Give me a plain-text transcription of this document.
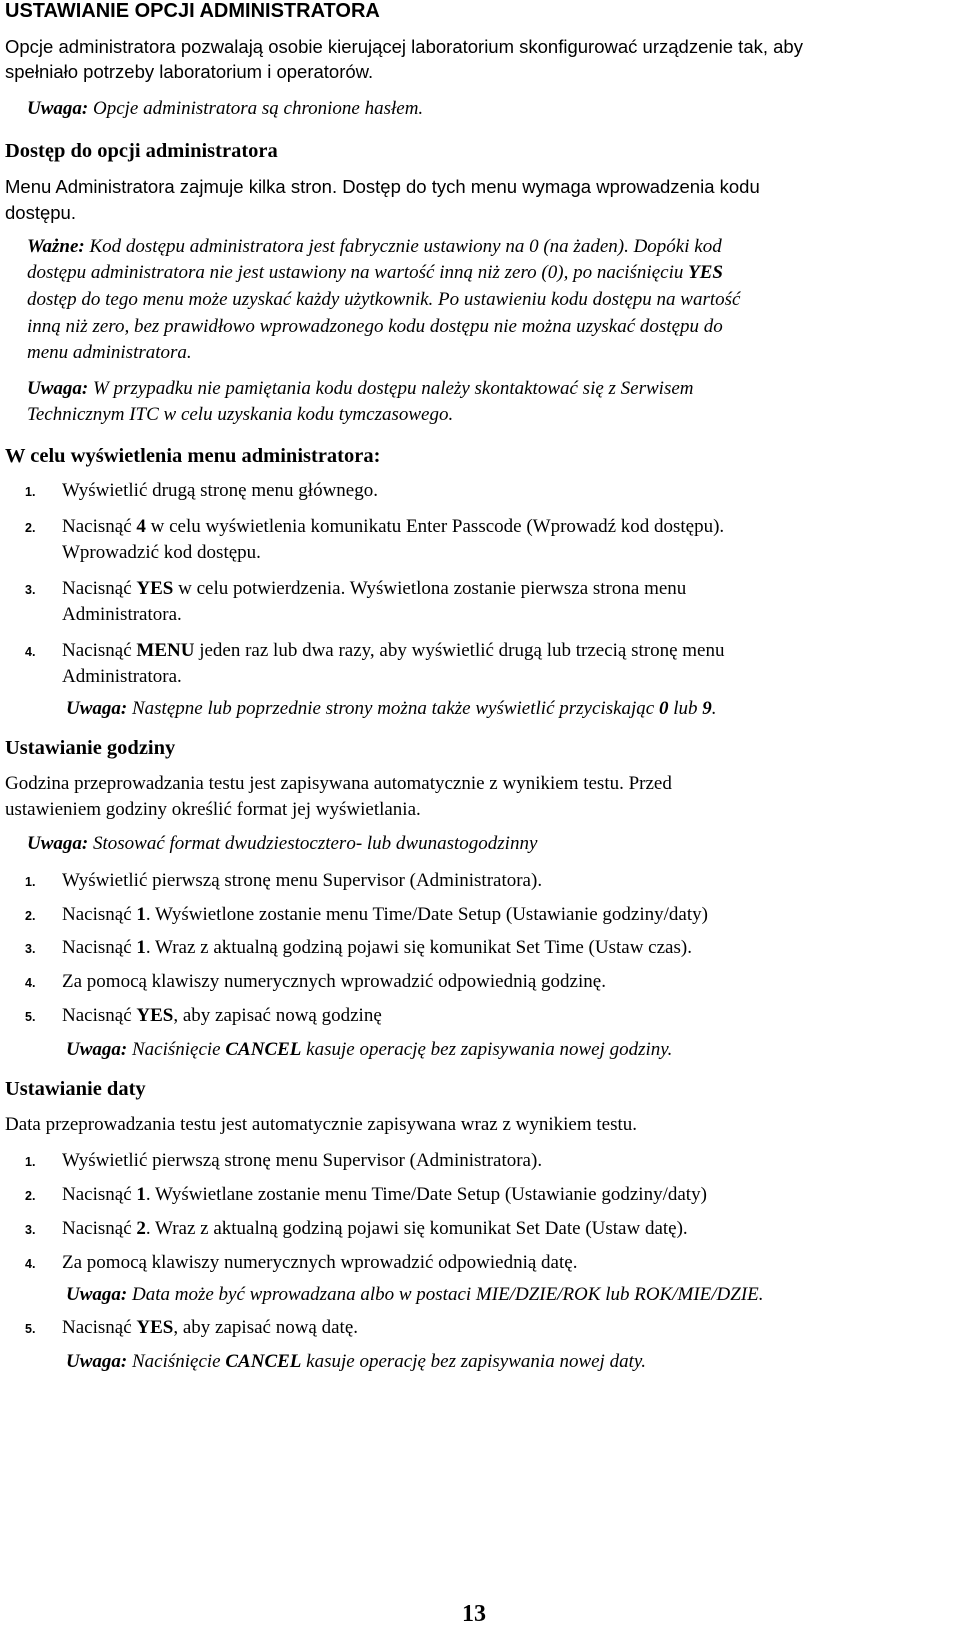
USTAWIANIE OPCJI ADMINISTRATORA
Opcje administratora pozwalają osobie kierującej laboratorium skonfigurować urządzenie tak, aby
spełniało potrzeby laboratorium i operatorów.
Uwaga: Opcje administratora są chronione hasłem.
Dostęp do opcji administratora
Menu Administratora zajmuje kilka stron. Dostęp do tych menu wymaga wprowadzenia kodu
dostępu.
Ważne: Kod dostępu administratora jest fabrycznie ustawiony na 0 (na żaden). Dopóki kod
dostępu administratora nie jest ustawiony na wartość inną niż zero (0), po naciśnięciu YES
dostęp do tego menu może uzyskać każdy użytkownik. Po ustawieniu kodu dostępu na wartość
inną niż zero, bez prawidłowo wprowadzonego kodu dostępu nie można uzyskać dostępu do
menu administratora.
Uwaga: W przypadku nie pamiętania kodu dostępu należy skontaktować się z Serwisem
Technicznym ITC w celu uzyskania kodu tymczasowego.
W celu wyświetlenia menu administratora:
1. Wyświetlić drugą stronę menu głównego.
2. Nacisnąć 4 w celu wyświetlenia komunikatu Enter Passcode (Wprowadź kod dostępu).
Wprowadzić kod dostępu.
3. Nacisnąć YES w celu potwierdzenia. Wyświetlona zostanie pierwsza strona menu
Administratora.
4. Nacisnąć MENU jeden raz lub dwa razy, aby wyświetlić drugą lub trzecią stronę menu
Administratora.
Uwaga: Następne lub poprzednie strony można także wyświetlić przyciskając 0 lub 9.
Ustawianie godziny
Godzina przeprowadzania testu jest zapisywana automatycznie z wynikiem testu. Przed
ustawieniem godziny określić format jej wyświetlania.
Uwaga: Stosować format dwudziestoczterо- lub dwunastogodzinny
1. Wyświetlić pierwszą stronę menu Supervisor (Administratora).
2. Nacisnąć 1. Wyświetlone zostanie menu Time/Date Setup (Ustawianie godziny/daty)
3. Nacisnąć 1. Wraz z aktualną godziną pojawi się komunikat Set Time (Ustaw czas).
4. Za pomocą klawiszy numerycznych wprowadzić odpowiednią godzinę.
5. Nacisnąć YES, aby zapisać nową godzinę
Uwaga: Naciśnięcie CANCEL kasuje operację bez zapisywania nowej godziny.
Ustawianie daty
Data przeprowadzania testu jest automatycznie zapisywana wraz z wynikiem testu.
1. Wyświetlić pierwszą stronę menu Supervisor (Administratora).
2. Nacisnąć 1. Wyświetlane zostanie menu Time/Date Setup (Ustawianie godziny/daty)
3. Nacisnąć 2. Wraz z aktualną godziną pojawi się komunikat Set Date (Ustaw datę).
4. Za pomocą klawiszy numerycznych wprowadzić odpowiednią datę.
Uwaga: Data może być wprowadzana albo w postaci MIE/DZIE/ROK lub ROK/MIE/DZIE.
5. Nacisnąć YES, aby zapisać nową datę.
Uwaga: Naciśnięcie CANCEL kasuje operację bez zapisywania nowej daty.
13
